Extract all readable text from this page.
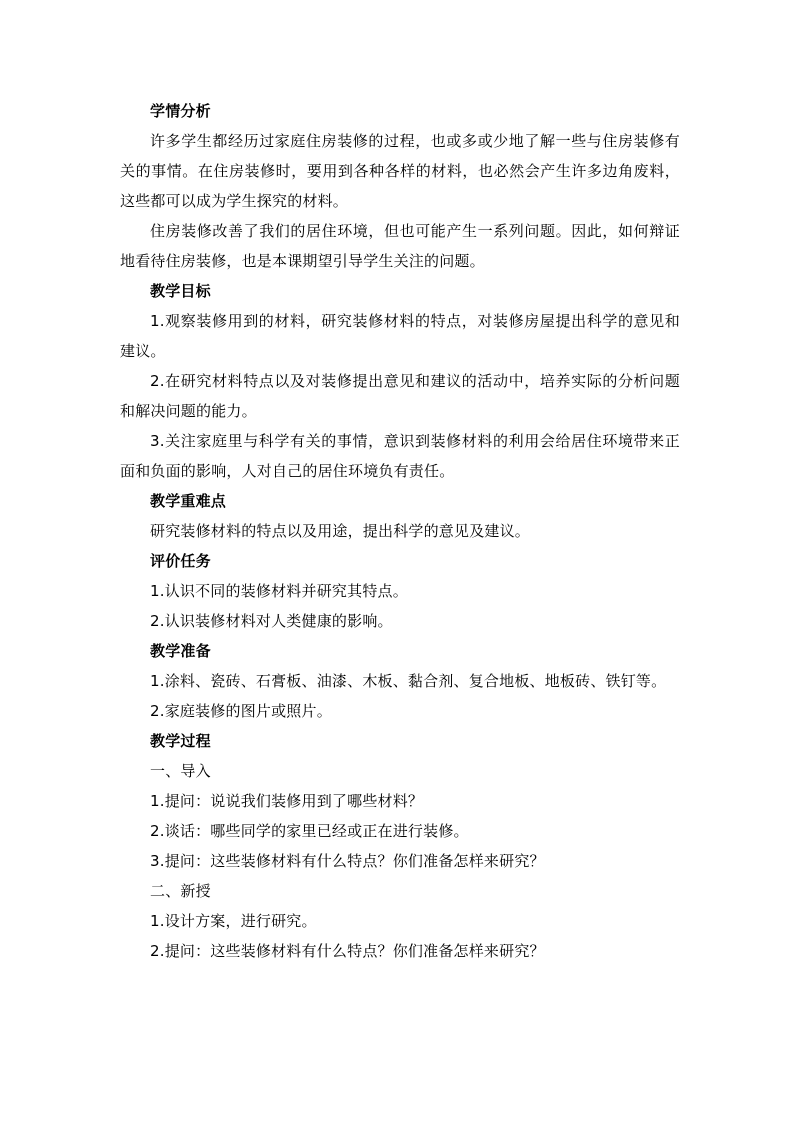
学情分析

许多学生都经历过家庭住房装修的过程，也或多或少地了解一些与住房装修有关的事情。在住房装修时，要用到各种各样的材料，也必然会产生许多边角废料，这些都可以成为学生探究的材料。

住房装修改善了我们的居住环境，但也可能产生一系列问题。因此，如何辩证地看待住房装修，也是本课期望引导学生关注的问题。

教学目标

1.观察装修用到的材料，研究装修材料的特点，对装修房屋提出科学的意见和建议。

2.在研究材料特点以及对装修提出意见和建议的活动中，培养实际的分析问题和解决问题的能力。

3.关注家庭里与科学有关的事情，意识到装修材料的利用会给居住环境带来正面和负面的影响，人对自己的居住环境负有责任。

教学重难点

研究装修材料的特点以及用途，提出科学的意见及建议。

评价任务

1.认识不同的装修材料并研究其特点。

2.认识装修材料对人类健康的影响。

教学准备

1.涂料、瓷砖、石膏板、油漆、木板、黏合剂、复合地板、地板砖、铁钉等。

2.家庭装修的图片或照片。

教学过程

一、导入

1.提问：说说我们装修用到了哪些材料？

2.谈话：哪些同学的家里已经或正在进行装修。

3.提问：这些装修材料有什么特点？你们准备怎样来研究？

二、新授

1.设计方案，进行研究。

2.提问：这些装修材料有什么特点？你们准备怎样来研究？
